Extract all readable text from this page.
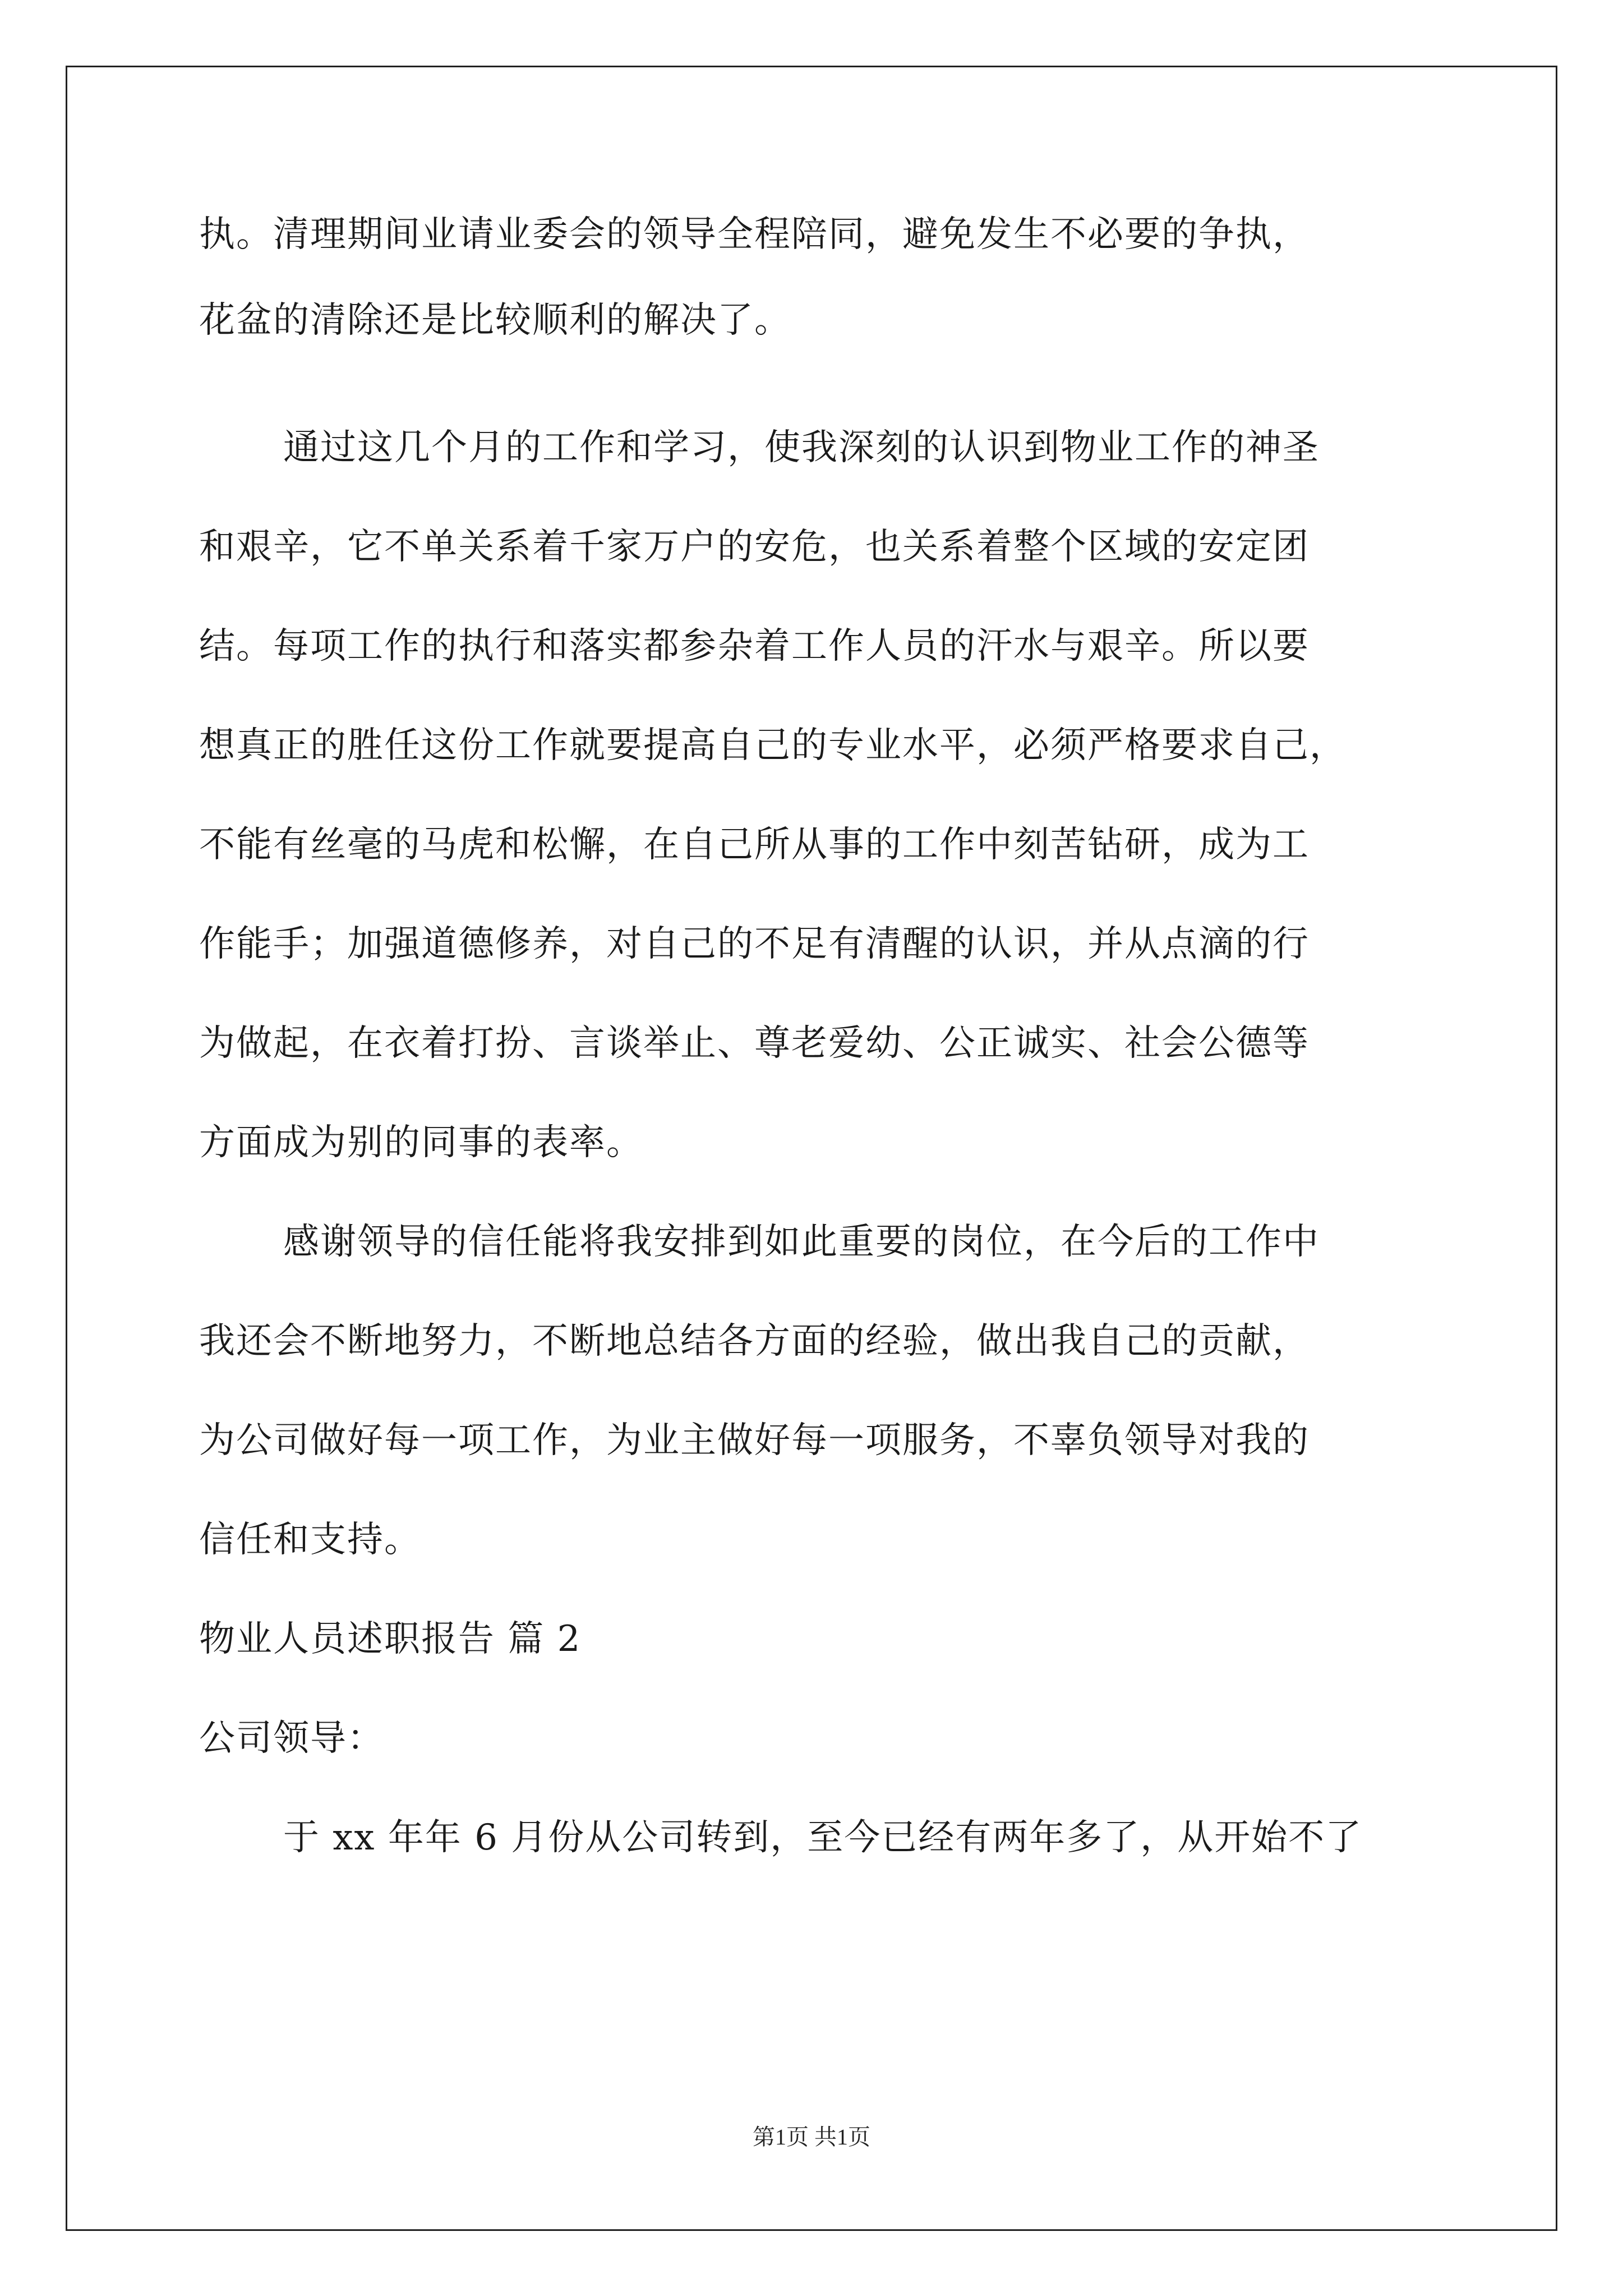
执。清理期间业请业委会的领导全程陪同，避免发生不必要的争执，
花盆的清除还是比较顺利的解决了。
通过这几个月的工作和学习，使我深刻的认识到物业工作的神圣
和艰辛，它不单关系着千家万户的安危，也关系着整个区域的安定团
结。每项工作的执行和落实都参杂着工作人员的汗水与艰辛。所以要
想真正的胜任这份工作就要提高自己的专业水平，必须严格要求自己，
不能有丝毫的马虎和松懈，在自己所从事的工作中刻苦钻研，成为工
作能手；加强道德修养，对自己的不足有清醒的认识，并从点滴的行
为做起，在衣着打扮、言谈举止、尊老爱幼、公正诚实、社会公德等
方面成为别的同事的表率。
感谢领导的信任能将我安排到如此重要的岗位，在今后的工作中
我还会不断地努力，不断地总结各方面的经验，做出我自己的贡献，
为公司做好每一项工作，为业主做好每一项服务，不辜负领导对我的
信任和支持。
物业人员述职报告 篇 2
公司领导：
于 xx 年年 6 月份从公司转到，至今已经有两年多了，从开始不了
第1页 共1页
